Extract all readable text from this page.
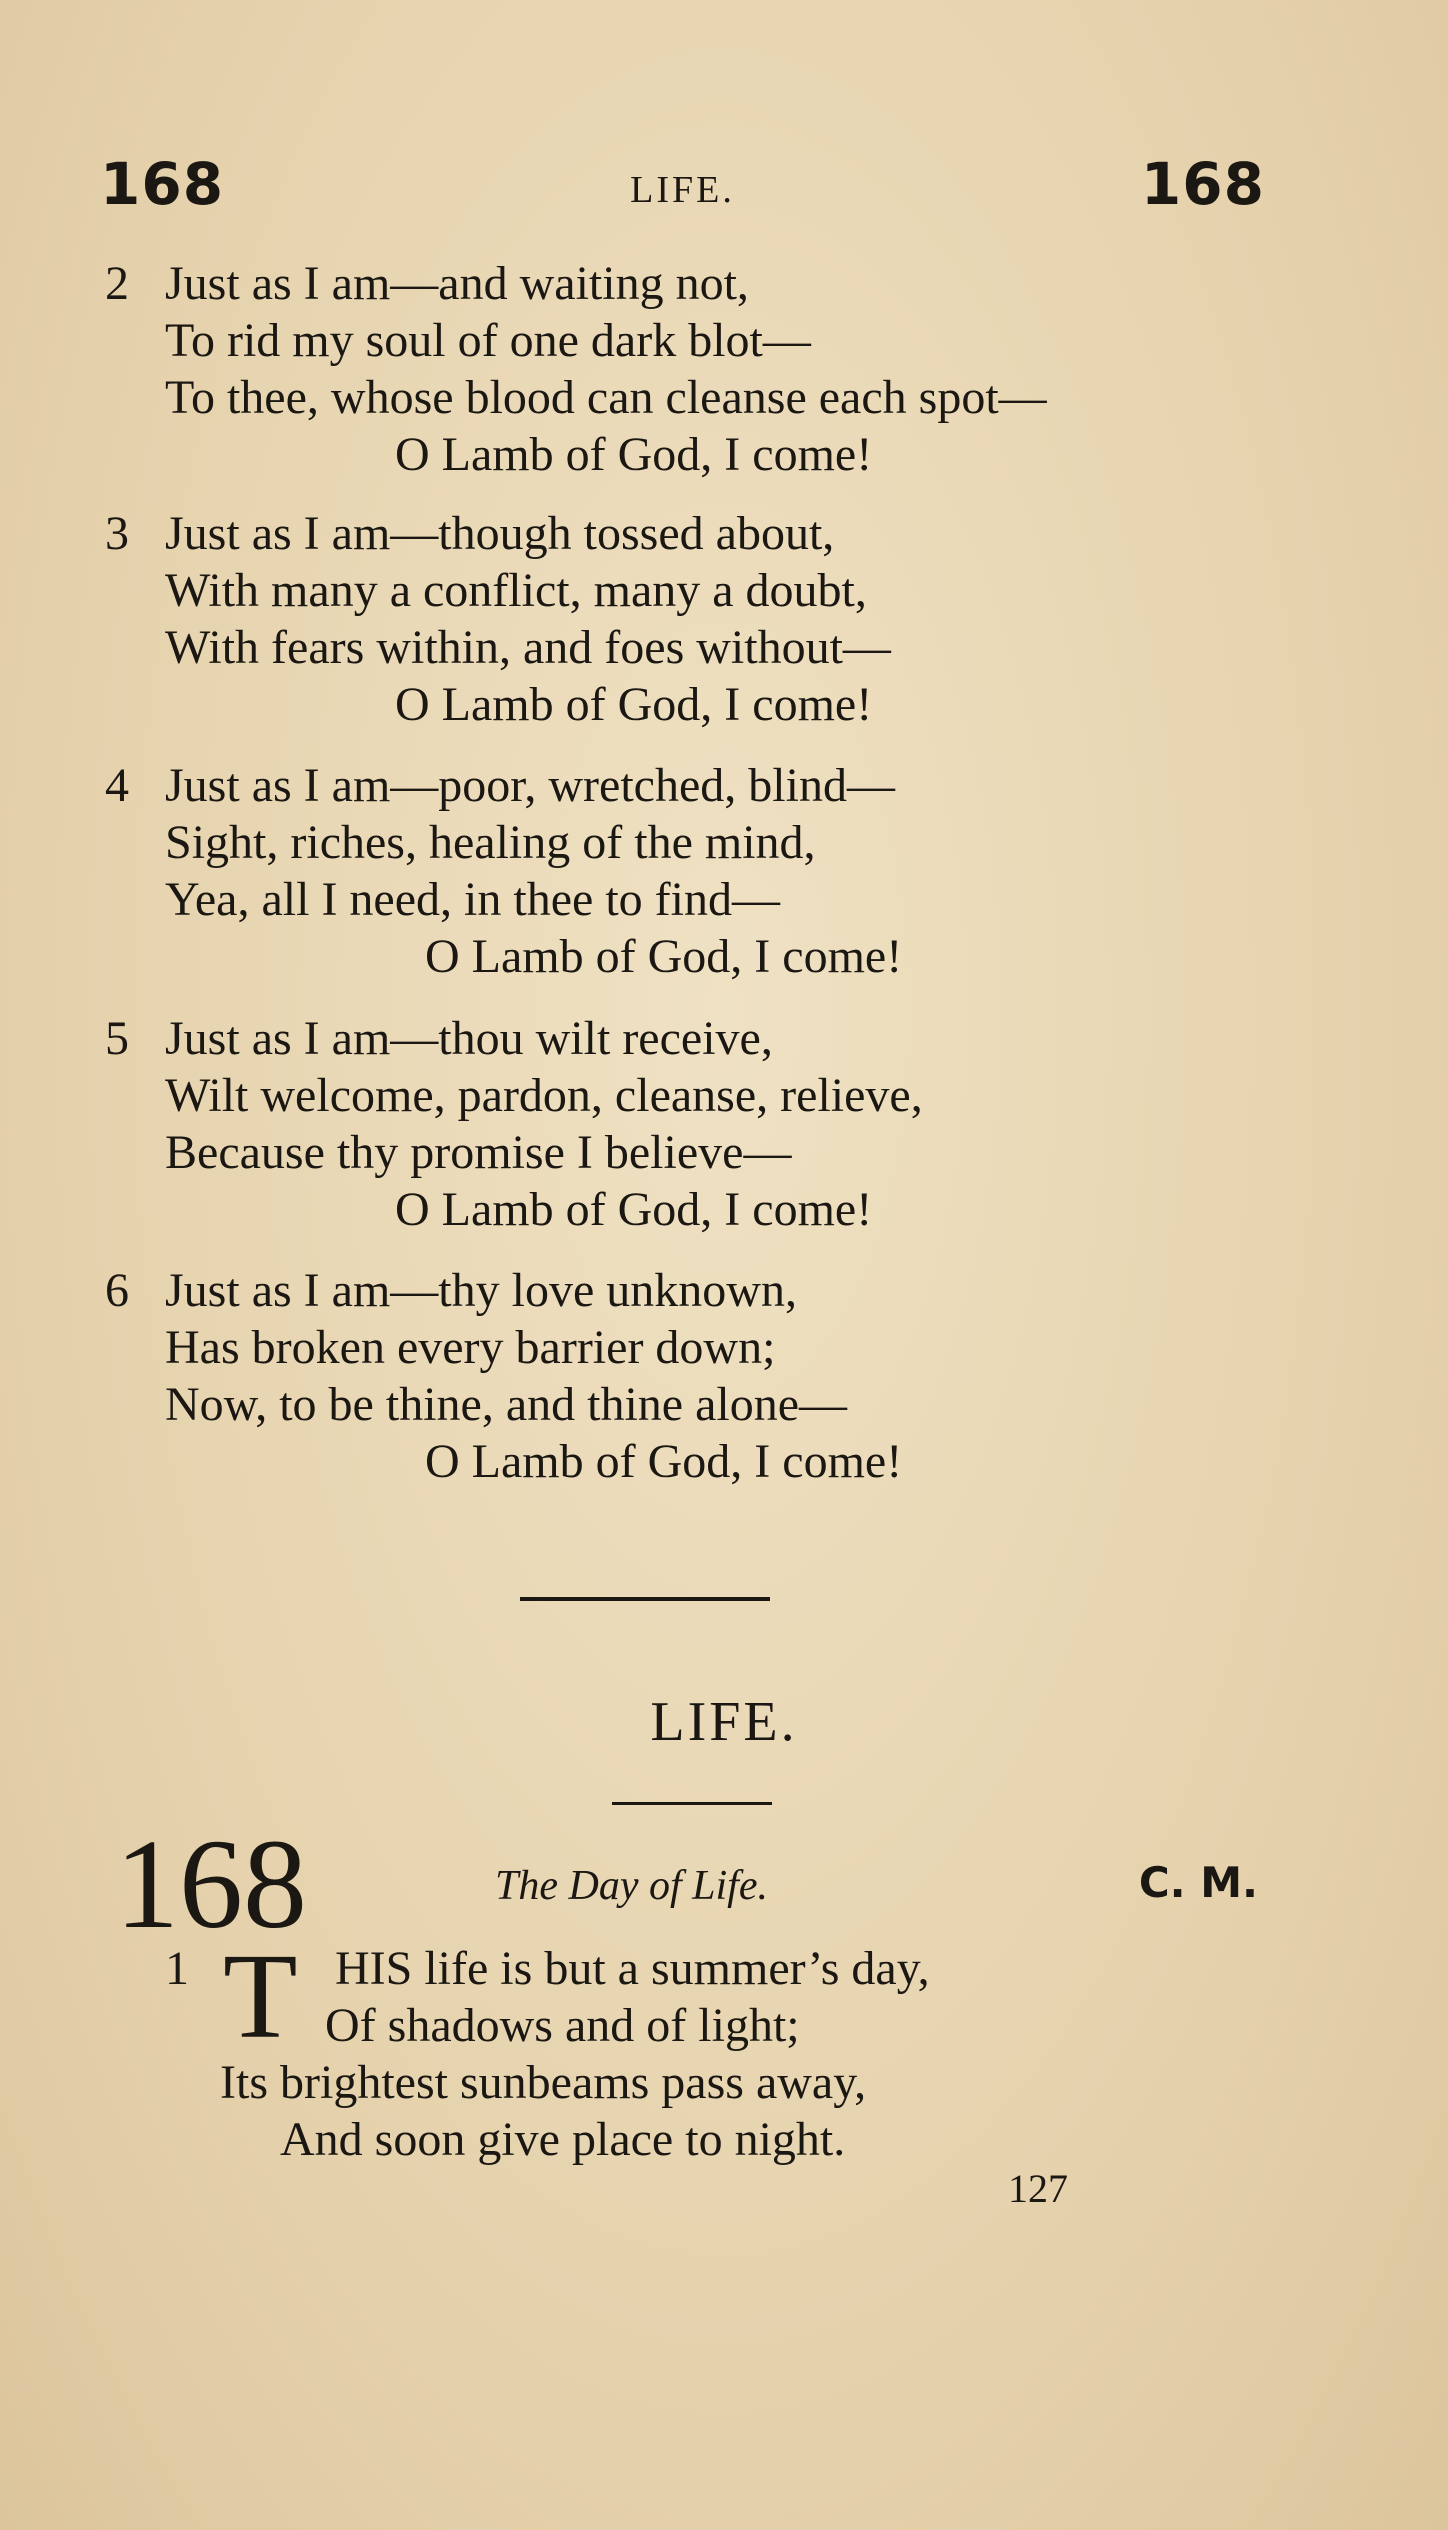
168	LIFE.	168
2 Just as I am—and waiting not,
To rid my soul of one dark blot—
To thee, whose blood can cleanse each spot—
O Lamb of God, I come!
3 Just as I am—though tossed about,
With many a conflict, many a doubt,
With fears within, and foes without—
O Lamb of God, I come!
4 Just as I am—poor, wretched, blind—
Sight, riches, healing of the mind,
Yea, all I need, in thee to find—
O Lamb of God, I come!
5 Just as I am—thou wilt receive,
Wilt welcome, pardon, cleanse, relieve,
Because thy promise I believe—
O Lamb of God, I come!
6 Just as I am—thy love unknown,
Has broken every barrier down;
Now, to be thine, and thine alone—
O Lamb of God, I come!
LIFE.
168	The Day of Life.	C. M.
1 T HIS life is but a summer’s day,
Of shadows and of light;
Its brightest sunbeams pass away,
And soon give place to night.
127
